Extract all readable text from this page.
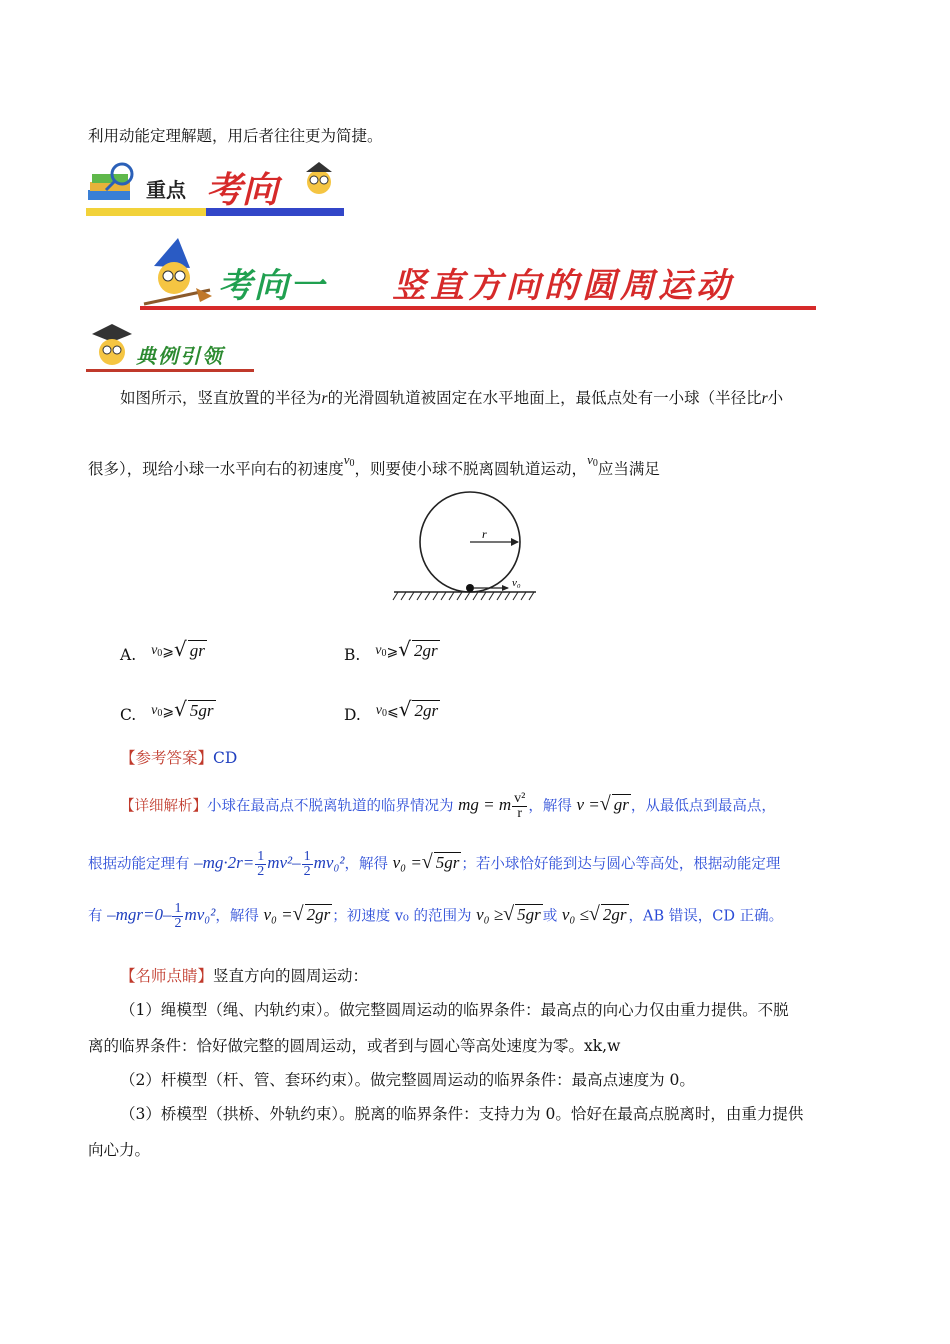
利用动能定理解题，用后者往往更为简捷。
重点 考向
考向一 竖直方向的圆周运动
典例引领
如图所示，竖直放置的半径为r的光滑圆轨道被固定在水平地面上，最低点处有一小球（半径比r小
很多），现给小球一水平向右的初速度$^{v_0}$，则要使小球不脱离圆轨道运动，$^{v_0}$应当满足
r
v₀
A. $v_0⩾√$ gr	B. $v_0⩾√$ 2gr
C. $v_0⩾√$ 5gr	D. $v_0⩽√$ 2gr
【参考答案】CD
【详细解析】小球在最高点不脱离轨道的临界情况为 mg = m $\frac{\text{v²}}{r}$ ，解得 v =√ gr ，从最低点到最高点，
根据动能定理有 $-mg\cdot 2r= \frac{1}{2} mv^2- \frac{1}{2} mv_0^2$，解得 v₀ =√ 5gr ；若小球恰好能到达与圆心等高处，根据动能定理
有 $-mgr=0- \frac{1}{2} mv_0^2$，解得 v₀ =√ 2gr ；初速度 v₀ 的范围为 v₀ ≥√ 5gr 或 v₀ ≤√ 2gr ，AB 错误，CD 正确。
【名师点睛】竖直方向的圆周运动：
（1）绳模型（绳、内轨约束）。做完整圆周运动的临界条件：最高点的向心力仅由重力提供。不脱
离的临界条件：恰好做完整的圆周运动，或者到与圆心等高处速度为零。xk,w
（2）杆模型（杆、管、套环约束）。做完整圆周运动的临界条件：最高点速度为 0。
（3）桥模型（拱桥、外轨约束）。脱离的临界条件：支持力为 0。恰好在最高点脱离时，由重力提供
向心力。
